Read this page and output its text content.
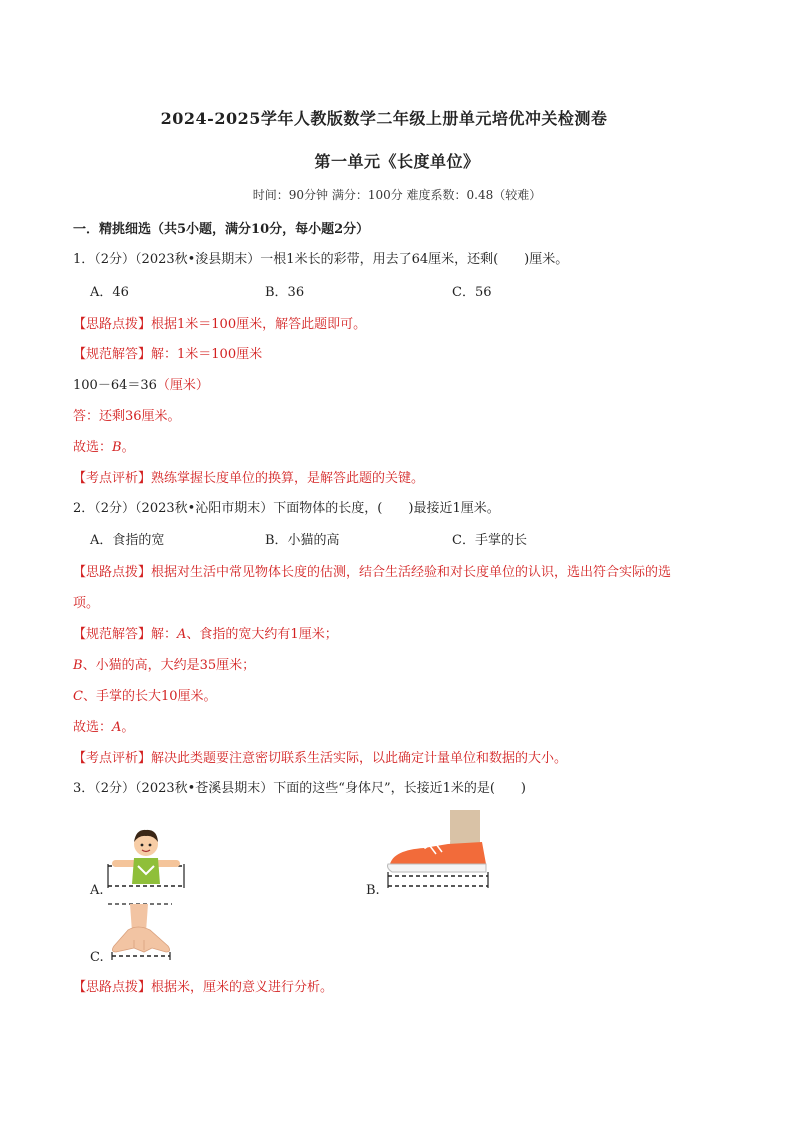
2024-2025学年人教版数学二年级上册单元培优冲关检测卷
第一单元《长度单位》
时间：90分钟 满分：100分 难度系数：0.48（较难）
一．精挑细选（共5小题，满分10分，每小题2分）
1．（2分）（2023秋•浚县期末）一根1米长的彩带，用去了64厘米，还剩(　　)厘米。
A．46	B．36	C．56
【思路点拨】根据1米＝100厘米，解答此题即可。
【规范解答】解：1米＝100厘米
100－64＝36（厘米）
答：还剩36厘米。
故选：B。
【考点评析】熟练掌握长度单位的换算，是解答此题的关键。
2．（2分）（2023秋•沁阳市期末）下面物体的长度，(　　)最接近1厘米。
A．食指的宽	B．小猫的高	C．手掌的长
【思路点拨】根据对生活中常见物体长度的估测，结合生活经验和对长度单位的认识，选出符合实际的选
项。
【规范解答】解：A、食指的宽大约有1厘米；
B、小猫的高，大约是35厘米；
C、手掌的长大10厘米。
故选：A。
【考点评析】解决此类题要注意密切联系生活实际，以此确定计量单位和数据的大小。
3．（2分）（2023秋•苍溪县期末）下面的这些“身体尺”，长接近1米的是(　　)
A.	B.
C.
【思路点拨】根据米，厘米的意义进行分析。
